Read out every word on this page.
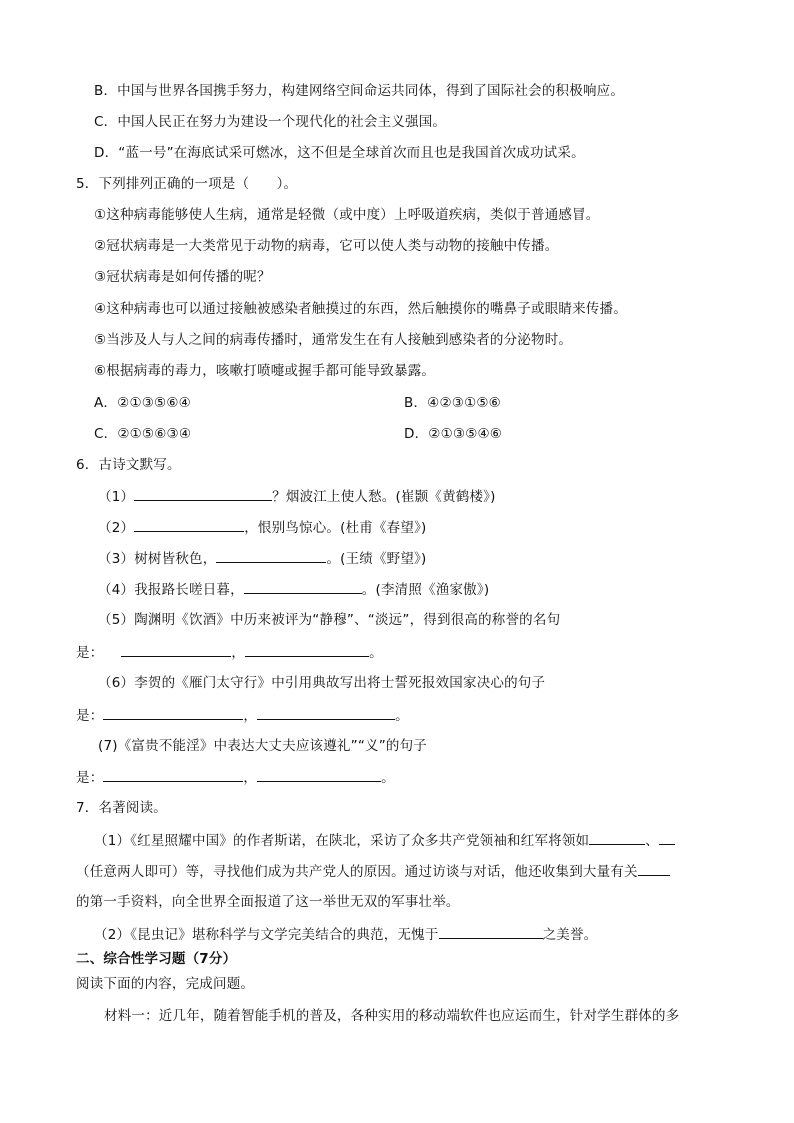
B．中国与世界各国携手努力，构建网络空间命运共同体，得到了国际社会的积极响应。
C．中国人民正在努力为建设一个现代化的社会主义强国。
D．“蓝一号”在海底试采可燃冰，这不但是全球首次而且也是我国首次成功试采。
5．下列排列正确的一项是（　　）。
①这种病毒能够使人生病，通常是轻微（或中度）上呼吸道疾病，类似于普通感冒。
②冠状病毒是一大类常见于动物的病毒，它可以使人类与动物的接触中传播。
③冠状病毒是如何传播的呢？
④这种病毒也可以通过接触被感染者触摸过的东西，然后触摸你的嘴鼻子或眼睛来传播。
⑤当涉及人与人之间的病毒传播时，通常发生在有人接触到感染者的分泌物时。
⑥根据病毒的毒力，咳嗽打喷嚏或握手都可能导致暴露。
A．②①③⑤⑥④	B．④②③①⑤⑥
C．②①⑤⑥③④	D．②①③⑤④⑥
6．古诗文默写。
（1）	？烟波江上使人愁。(崔颢《黄鹤楼》)
（2）	，恨别鸟惊心。(杜甫《春望》)
（3）树树皆秋色，	。(王绩《野望》)
（4）我报路长嗟日暮，	。(李清照《渔家傲》)
（5）陶渊明《饮酒》中历来被评为“静穆”、“淡远”，得到很高的称誉的名句
是：	，	。
（6）李贺的《雁门太守行》中引用典故写出将士誓死报效国家决心的句子
是：	，	。
(7)《富贵不能淫》中表达大丈夫应该遵礼”“义”的句子
是：	，	。
7．名著阅读。
（1）《红星照耀中国》的作者斯诺，在陕北，采访了众多共产党领袖和红军将领如	、
（任意两人即可）等，寻找他们成为共产党人的原因。通过访谈与对话，他还收集到大量有关
的第一手资料，向全世界全面报道了这一举世无双的军事壮举。
（2）《昆虫记》堪称科学与文学完美结合的典范，无愧于	之美誉。
二、综合性学习题（7分）
阅读下面的内容，完成问题。
材料一：近几年，随着智能手机的普及，各种实用的移动端软件也应运而生，针对学生群体的多
